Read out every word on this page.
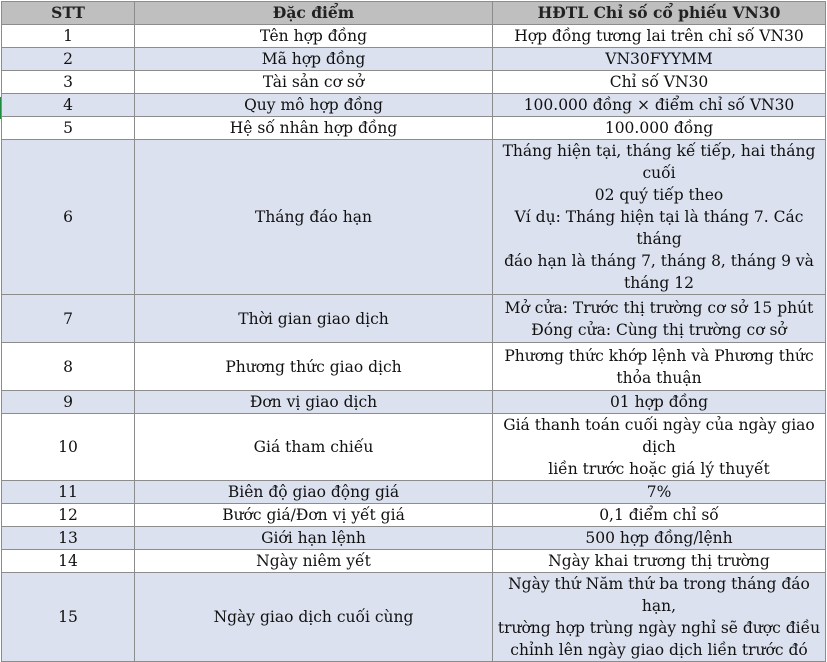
STT	Đặc điểm	HĐTL Chỉ số cổ phiếu VN30
1	Tên hợp đồng	Hợp đồng tương lai trên chỉ số VN30

2	Mã hợp đồng	VN30FYYMM

3	Tài sản cơ sở	Chỉ số VN30

4	Quy mô hợp đồng	100.000 đồng × điểm chỉ số VN30

5	Hệ số nhân hợp đồng	100.000 đồng

6	Tháng đáo hạn	Tháng hiện tại, tháng kế tiếp, hai tháng cuối
02 quý tiếp theo
Ví dụ: Tháng hiện tại là tháng 7. Các tháng
đáo hạn là tháng 7, tháng 8, tháng 9 và
tháng 12

7	Thời gian giao dịch	Mở cửa: Trước thị trường cơ sở 15 phút
Đóng cửa: Cùng thị trường cơ sở

8	Phương thức giao dịch	Phương thức khớp lệnh và Phương thức
thỏa thuận

9	Đơn vị giao dịch	01 hợp đồng

10	Giá tham chiếu	Giá thanh toán cuối ngày của ngày giao dịch
liền trước hoặc giá lý thuyết

11	Biên độ giao động giá	7%

12	Bước giá/Đơn vị yết giá	0,1 điểm chỉ số

13	Giới hạn lệnh	500 hợp đồng/lệnh

14	Ngày niêm yết	Ngày khai trương thị trường

15	Ngày giao dịch cuối cùng	Ngày thứ Năm thứ ba trong tháng đáo hạn,
trường hợp trùng ngày nghỉ sẽ được điều
chỉnh lên ngày giao dịch liền trước đó
